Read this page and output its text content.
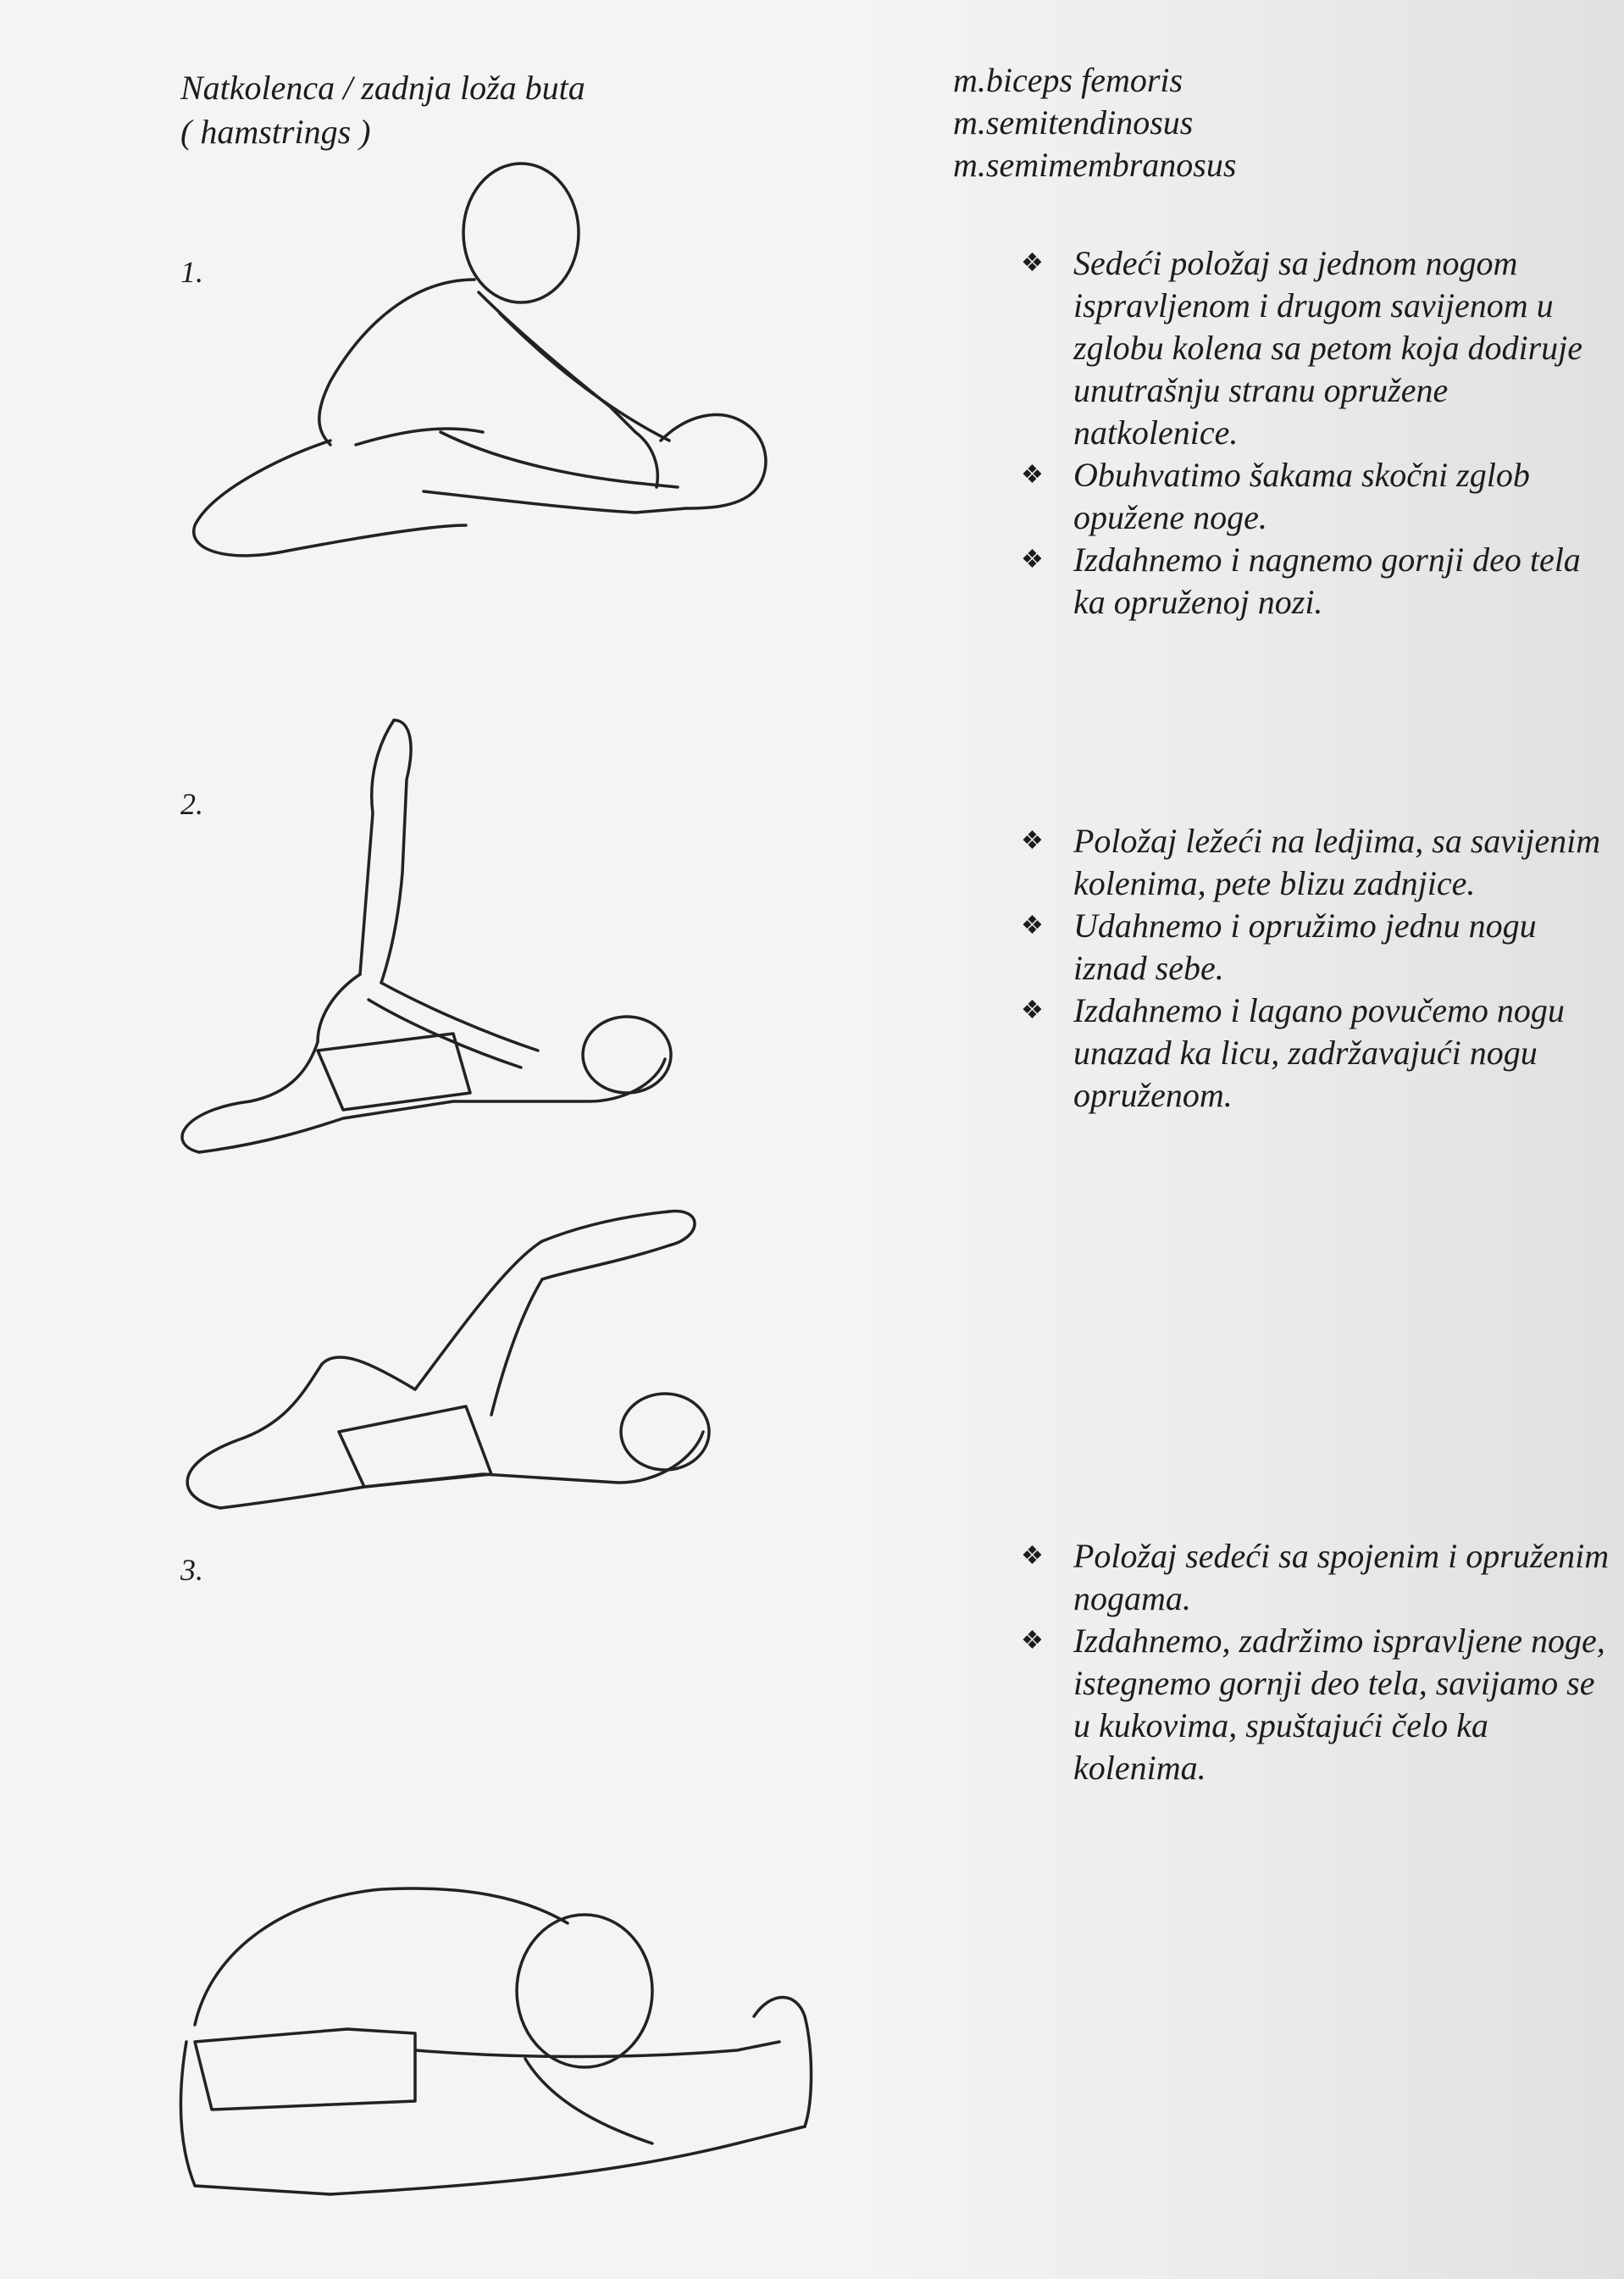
Natkolenca / zadnja loža buta
( hamstrings )
m.biceps femoris
m.semitendinosus
m.semimembranosus
1.
2.
3.
❖ Sedeći položaj sa jednom nogom ispravljenom i drugom savijenom u zglobu kolena sa petom koja dodiruje unutrašnju stranu opružene natkolenice.
❖ Obuhvatimo šakama skočni zglob opužene noge.
❖ Izdahnemo i nagnemo gornji deo tela ka opruženoj nozi.
❖ Položaj ležeći na ledjima, sa savijenim kolenima, pete blizu zadnjice.
❖ Udahnemo i opružimo jednu nogu iznad sebe.
❖ Izdahnemo i lagano povučemo nogu unazad ka licu, zadržavajući nogu opruženom.
❖ Položaj sedeći sa spojenim i opruženim nogama.
❖ Izdahnemo, zadržimo ispravljene noge, istegnemo gornji deo tela, savijamo se u kukovima, spuštajući čelo ka kolenima.
